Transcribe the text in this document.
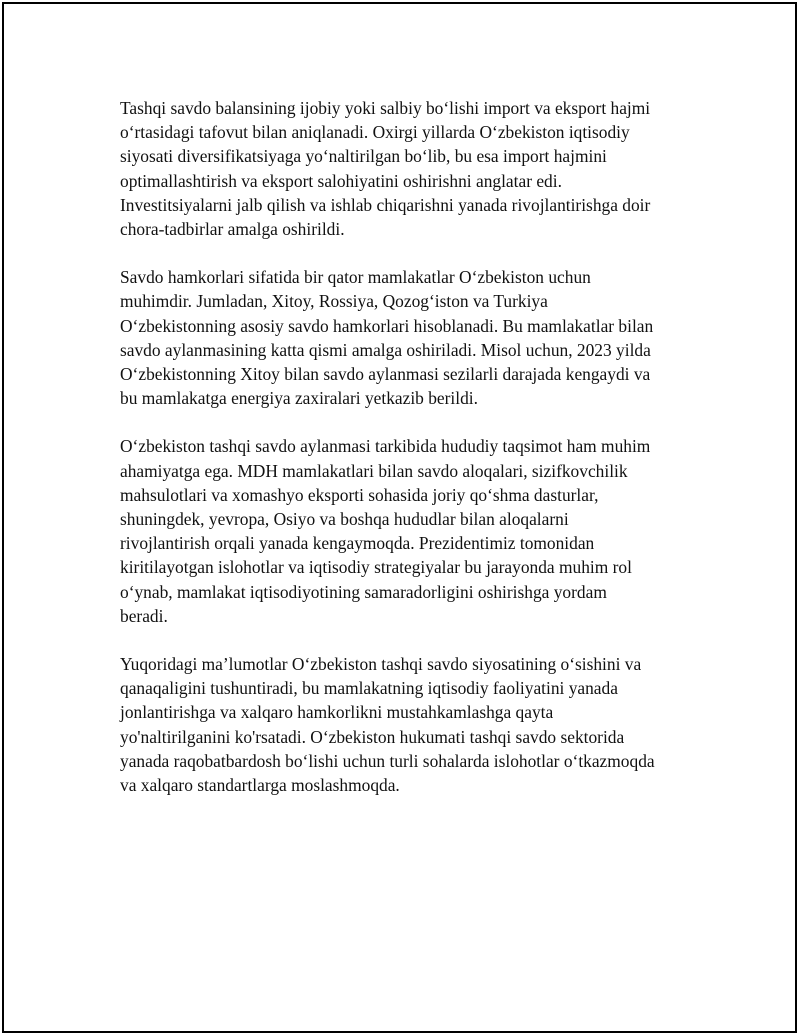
Tashqi savdo balansining ijobiy yoki salbiy bo‘lishi import va eksport hajmi
o‘rtasidagi tafovut bilan aniqlanadi. Oxirgi yillarda O‘zbekiston iqtisodiy
siyosati diversifikatsiyaga yo‘naltirilgan bo‘lib, bu esa import hajmini
optimallashtirish va eksport salohiyatini oshirishni anglatar edi.
Investitsiyalarni jalb qilish va ishlab chiqarishni yanada rivojlantirishga doir
chora-tadbirlar amalga oshirildi.

Savdo hamkorlari sifatida bir qator mamlakatlar O‘zbekiston uchun
muhimdir. Jumladan, Xitoy, Rossiya, Qozog‘iston va Turkiya
O‘zbekistonning asosiy savdo hamkorlari hisoblanadi. Bu mamlakatlar bilan
savdo aylanmasining katta qismi amalga oshiriladi. Misol uchun, 2023 yilda
O‘zbekistonning Xitoy bilan savdo aylanmasi sezilarli darajada kengaydi va
bu mamlakatga energiya zaxiralari yetkazib berildi.

O‘zbekiston tashqi savdo aylanmasi tarkibida hududiy taqsimot ham muhim
ahamiyatga ega. MDH mamlakatlari bilan savdo aloqalari, sizifkovchilik
mahsulotlari va xomashyo eksporti sohasida joriy qo‘shma dasturlar,
shuningdek, yevropa, Osiyo va boshqa hududlar bilan aloqalarni
rivojlantirish orqali yanada kengaymoqda. Prezidentimiz tomonidan
kiritilayotgan islohotlar va iqtisodiy strategiyalar bu jarayonda muhim rol
o‘ynab, mamlakat iqtisodiyotining samaradorligini oshirishga yordam
beradi.

Yuqoridagi ma’lumotlar O‘zbekiston tashqi savdo siyosatining o‘sishini va
qanaqaligini tushuntiradi, bu mamlakatning iqtisodiy faoliyatini yanada
jonlantirishga va xalqaro hamkorlikni mustahkamlashga qayta
yo'naltirilganini ko'rsatadi. O‘zbekiston hukumati tashqi savdo sektorida
yanada raqobatbardosh bo‘lishi uchun turli sohalarda islohotlar o‘tkazmoqda
va xalqaro standartlarga moslashmoqda.
